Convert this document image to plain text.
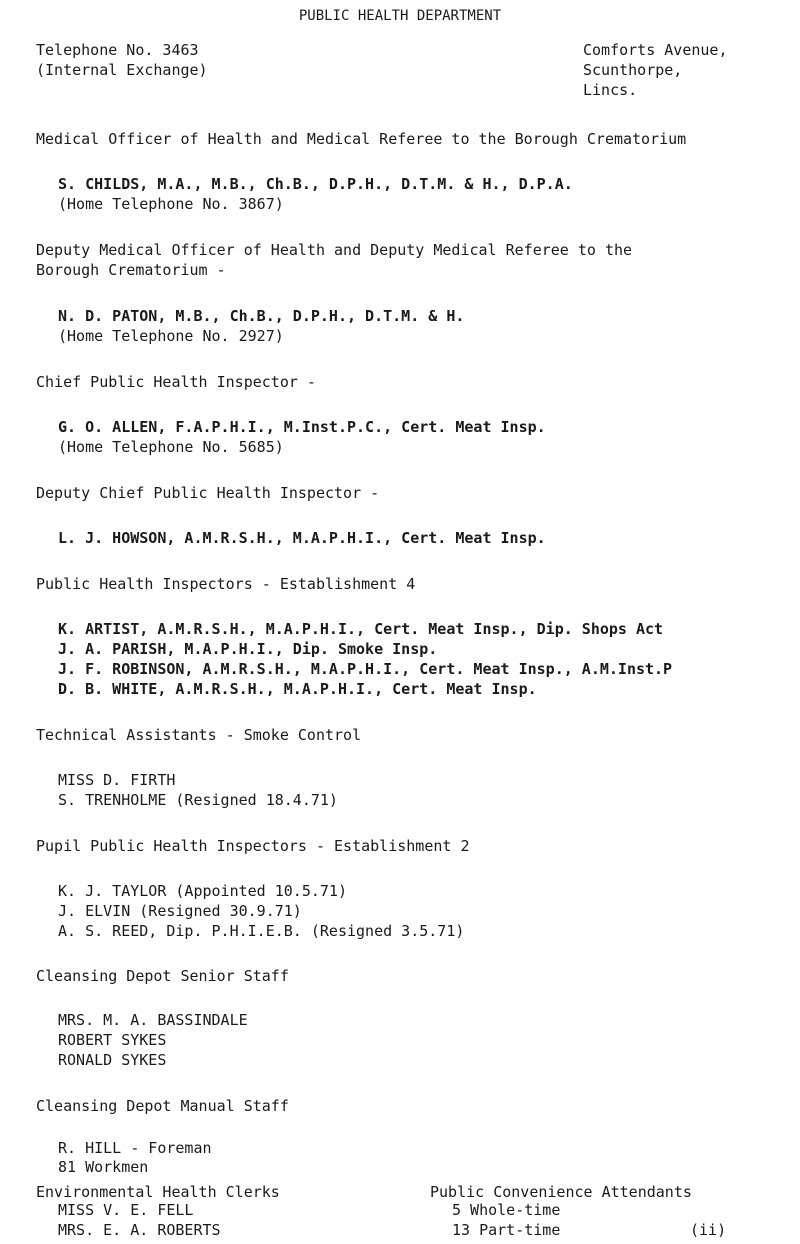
PUBLIC HEALTH DEPARTMENT
Telephone No. 3463
(Internal Exchange)
Comforts Avenue,
Scunthorpe,
Lincs.
Medical Officer of Health and Medical Referee to the Borough Crematorium
S. CHILDS, M.A., M.B., Ch.B., D.P.H., D.T.M. & H., D.P.A.
(Home Telephone No. 3867)
Deputy Medical Officer of Health and Deputy Medical Referee to the
Borough Crematorium -
N. D. PATON, M.B., Ch.B., D.P.H., D.T.M. & H.
(Home Telephone No. 2927)
Chief Public Health Inspector -
G. O. ALLEN, F.A.P.H.I., M.Inst.P.C., Cert. Meat Insp.
(Home Telephone No. 5685)
Deputy Chief Public Health Inspector -
L. J. HOWSON, A.M.R.S.H., M.A.P.H.I., Cert. Meat Insp.
Public Health Inspectors - Establishment 4
K. ARTIST, A.M.R.S.H., M.A.P.H.I., Cert. Meat Insp., Dip. Shops Act
J. A. PARISH, M.A.P.H.I., Dip. Smoke Insp.
J. F. ROBINSON, A.M.R.S.H., M.A.P.H.I., Cert. Meat Insp., A.M.Inst.P
D. B. WHITE, A.M.R.S.H., M.A.P.H.I., Cert. Meat Insp.
Technical Assistants - Smoke Control
MISS D. FIRTH
S. TRENHOLME (Resigned 18.4.71)
Pupil Public Health Inspectors - Establishment 2
K. J. TAYLOR (Appointed 10.5.71)
J. ELVIN (Resigned 30.9.71)
A. S. REED, Dip. P.H.I.E.B. (Resigned 3.5.71)
Cleansing Depot Senior Staff
MRS. M. A. BASSINDALE
ROBERT SYKES
RONALD SYKES
Cleansing Depot Manual Staff
R. HILL - Foreman
81 Workmen
Environmental Health Clerks
MISS V. E. FELL
MRS. E. A. ROBERTS
Public Convenience Attendants
5 Whole-time
13 Part-time	(ii)
